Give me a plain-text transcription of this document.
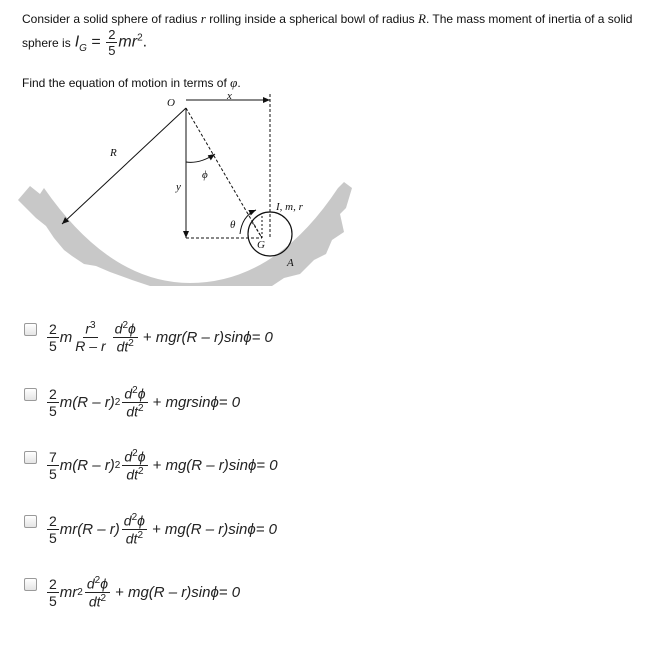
Consider a solid sphere of radius r rolling inside a spherical bowl of radius R. The mass moment of inertia of a solid
sphere is $I_G = \frac{2}{5} mr^2$.
Find the equation of motion in terms of φ.
O
x
R
y
ϕ
θ
G
A
I, m, r
$\frac{2}{5}$ m $\frac{r^3}{R - r} \frac{d^2\phi}{dt^2} + mgr(R - r)\sin$ ϕ = 0
$\frac{2}{5} m(R - r)$ $2 \frac{d^2\phi}{dt^2} + mgrsin$ ϕ = 0
$\frac{7}{5} m(R - r)$ $2 \frac{d^2\phi}{dt^2} + mg(R - r)\sin$ ϕ = 0
$\frac{2}{5} mr(R - r) \frac{d^2\phi}{dt^2} + mg(R - r)\sin$ ϕ = 0
$\frac{2}{5}$ mr $2 \frac{d^2\phi}{dt^2} + mg(R - r)\sin$ ϕ = 0
